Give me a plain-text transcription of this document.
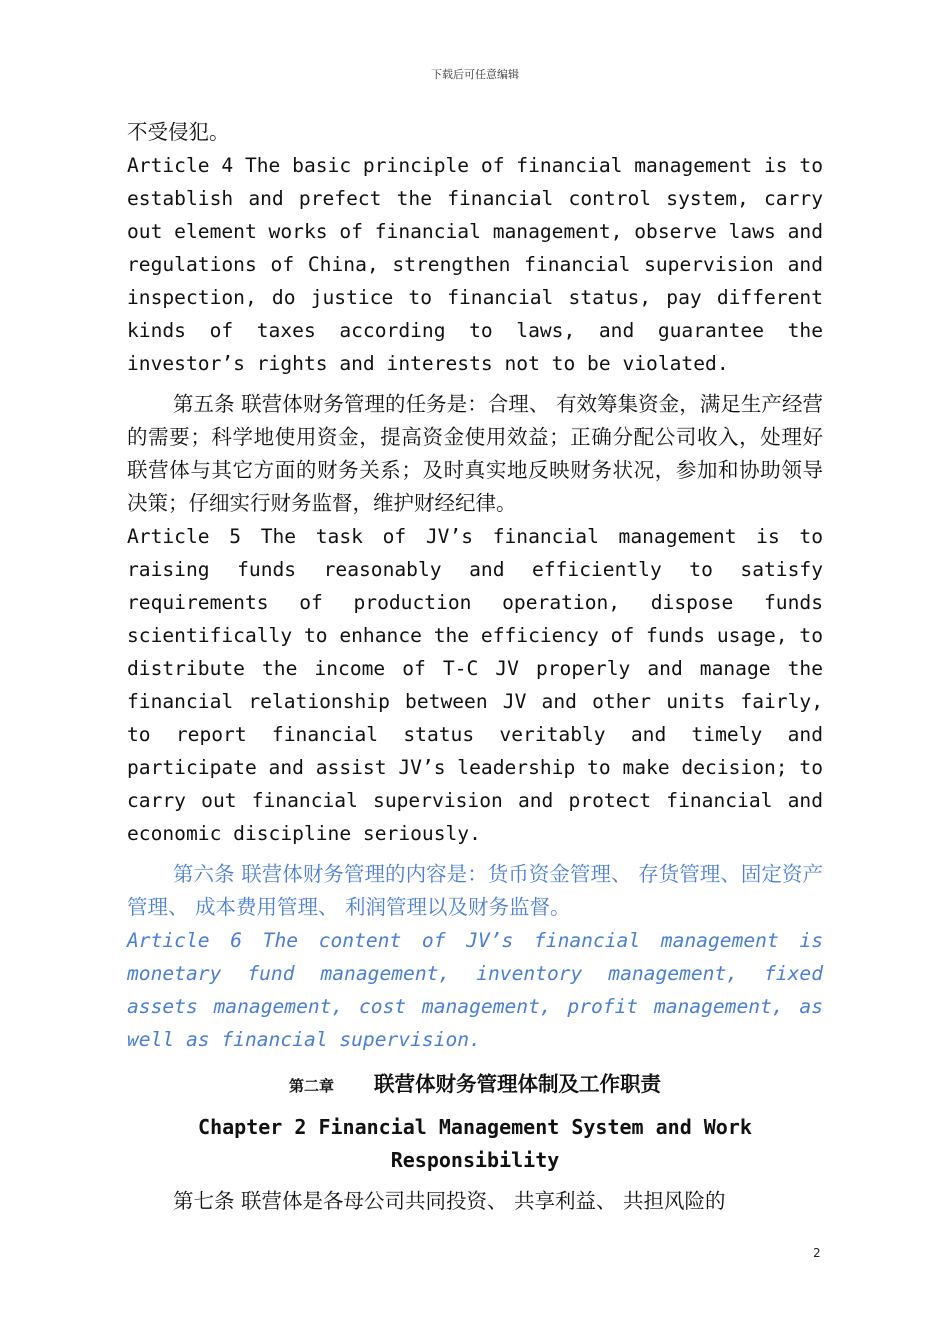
下载后可任意编辑

不受侵犯。

Article 4 The basic principle of financial management is to establish and prefect the financial control system, carry out element works of financial management, observe laws and regulations of China, strengthen financial supervision and inspection, do justice to financial status, pay different kinds of taxes according to laws, and guarantee the investor’s rights and interests not to be violated.

第五条 联营体财务管理的任务是：合理、 有效筹集资金，满足生产经营的需要；科学地使用资金，提高资金使用效益；正确分配公司收入，处理好联营体与其它方面的财务关系；及时真实地反映财务状况，参加和协助领导决策；仔细实行财务监督，维护财经纪律。

Article 5 The task of JV’s financial management is to raising funds reasonably and efficiently to satisfy requirements of production operation, dispose funds scientifically to enhance the efficiency of funds usage, to distribute the income of T-C JV properly and manage the financial relationship between JV and other units fairly, to report financial status veritably and timely and participate and assist JV’s leadership to make decision; to carry out financial supervision and protect financial and economic discipline seriously.

第六条 联营体财务管理的内容是：货币资金管理、 存货管理、固定资产管理、 成本费用管理、 利润管理以及财务监督。

Article 6 The content of JV’s financial management is monetary fund management, inventory management, fixed assets management, cost management, profit management, as well as financial supervision.

第二章 联营体财务管理体制及工作职责

Chapter 2 Financial Management System and Work Responsibility

第七条 联营体是各母公司共同投资、 共享利益、 共担风险的

2
